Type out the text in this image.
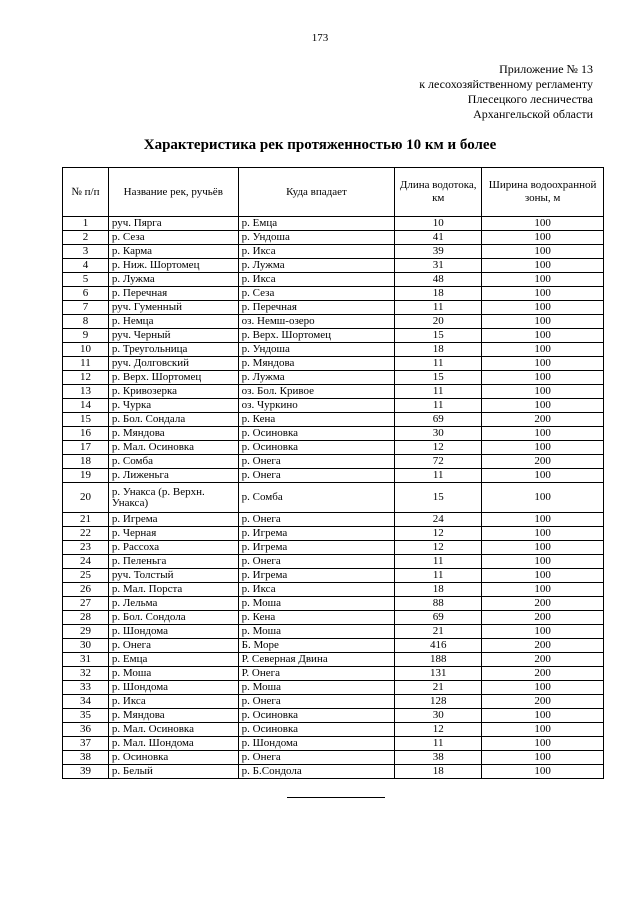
173
Приложение № 13
к лесохозяйственному регламенту
Плесецкого лесничества
Архангельской области
Характеристика рек протяженностью 10 км и более
№ п/п	Название рек, ручьёв	Куда впадает	Длина водотока, км	Ширина водоохранной зоны, м
1	руч. Пярга	р. Емца	10	100
2	р. Сеза	р. Ундоша	41	100
3	р. Карма	р. Икса	39	100
4	р. Ниж. Шортомец	р. Лужма	31	100
5	р. Лужма	р. Икса	48	100
6	р. Перечная	р. Сеза	18	100
7	руч. Гуменный	р. Перечная	11	100
8	р. Немца	оз. Немш-озеро	20	100
9	руч. Черный	р. Верх. Шортомец	15	100
10	р. Треугольница	р. Ундоша	18	100
11	руч. Долговский	р. Мяндова	11	100
12	р. Верх. Шортомец	р. Лужма	15	100
13	р. Кривозерка	оз. Бол. Кривое	11	100
14	р. Чурка	оз. Чуркино	11	100
15	р. Бол. Сондала	р. Кена	69	200
16	р. Мяндова	р. Осиновка	30	100
17	р. Мал. Осиновка	р. Осиновка	12	100
18	р. Сомба	р. Онега	72	200
19	р. Лиженьга	р. Онега	11	100
20	р. Унакса (р. Верхн. Унакса)	р. Сомба	15	100
21	р. Игрема	р. Онега	24	100
22	р. Черная	р. Игрема	12	100
23	р. Рассоха	р. Игрема	12	100
24	р. Пеленьга	р. Онега	11	100
25	руч. Толстый	р. Игрема	11	100
26	р. Мал. Порста	р. Икса	18	100
27	р. Лельма	р. Моша	88	200
28	р. Бол. Сондола	р. Кена	69	200
29	р. Шондома	р. Моша	21	100
30	р. Онега	Б. Море	416	200
31	р. Емца	Р. Северная Двина	188	200
32	р. Моша	Р. Онега	131	200
33	р. Шондома	р. Моша	21	100
34	р. Икса	р. Онега	128	200
35	р. Мяндова	р. Осиновка	30	100
36	р. Мал. Осиновка	р. Осиновка	12	100
37	р. Мал. Шондома	р. Шондома	11	100
38	р. Осиновка	р. Онега	38	100
39	р. Белый	р. Б.Сондола	18	100
